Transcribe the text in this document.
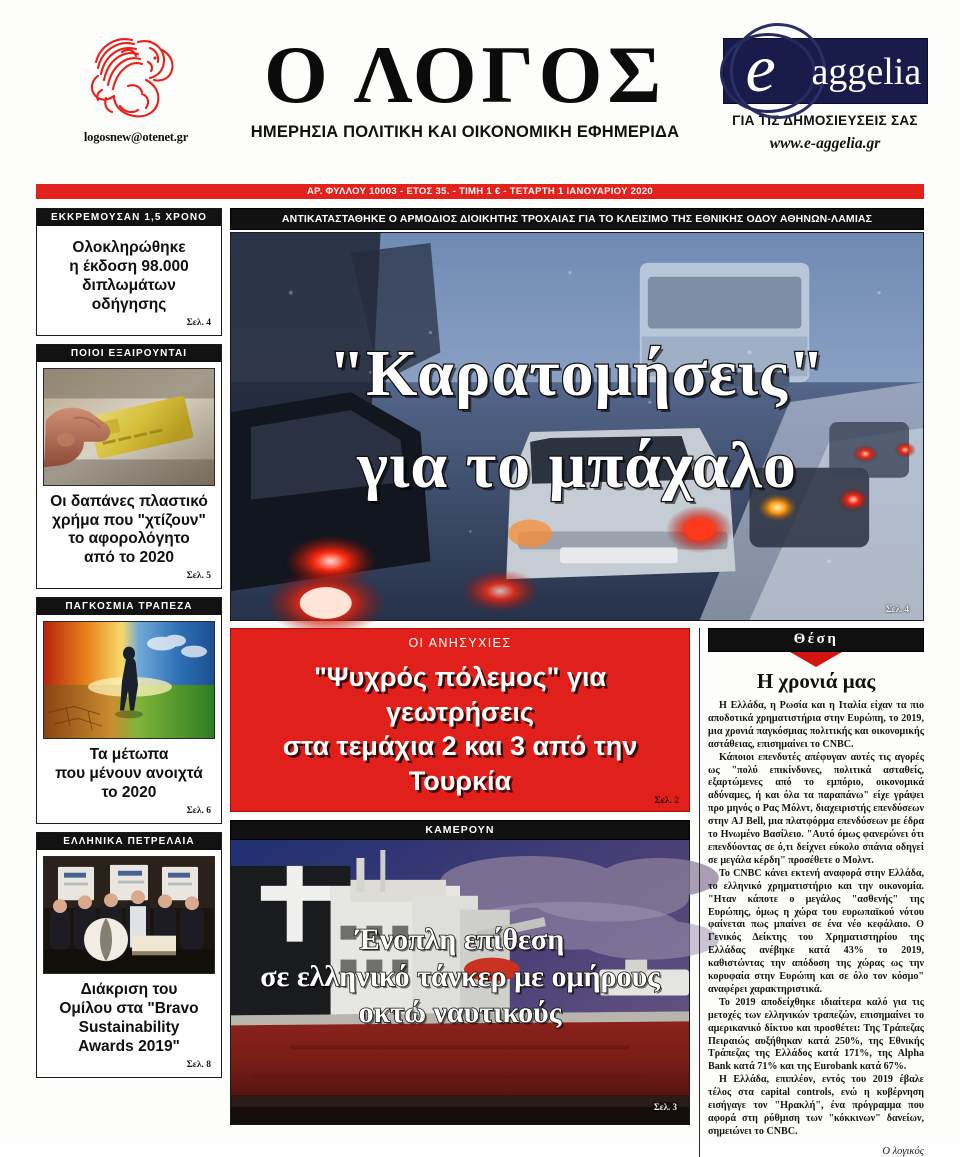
logosnew@otenet.gr
Ο ΛΟΓΟΣ
ΗΜΕΡΗΣΙΑ ΠΟΛΙΤΙΚΗ ΚΑΙ ΟΙΚΟΝΟΜΙΚΗ ΕΦΗΜΕΡΙΔΑ
e aggelia
ΓΙΑ ΤΙΣ ΔΗΜΟΣΙΕΥΣΕΙΣ ΣΑΣ
www.e-aggelia.gr
ΑΡ. ΦΥΛΛΟΥ 10003 - ΕΤΟΣ 35. - ΤΙΜΗ 1 € - ΤΕΤΑΡΤΗ 1 ΙΑΝΟΥΑΡΙΟΥ 2020
ΕΚΚΡΕΜΟΥΣΑΝ 1,5 ΧΡΟΝΟ
Ολοκληρώθηκε
η έκδοση 98.000
διπλωμάτων οδήγησης
Σελ. 4
ΠΟΙΟΙ ΕΞΑΙΡΟΥΝΤΑΙ
Οι δαπάνες πλαστικό
χρήμα που "χτίζουν"
το αφορολόγητο
από το 2020
Σελ. 5
ΠΑΓΚΟΣΜΙΑ ΤΡΑΠΕΖΑ
Τα μέτωπα
που μένουν ανοιχτά
το 2020
Σελ. 6
ΕΛΛΗΝΙΚΑ ΠΕΤΡΕΛΑΙΑ
Διάκριση του
Ομίλου στα "Bravo
Sustainability
Awards 2019"
Σελ. 8
ΑΝΤΙΚΑΤΑΣΤΑΘΗΚΕ Ο ΑΡΜΟΔΙΟΣ ΔΙΟΙΚΗΤΗΣ ΤΡΟΧΑΙΑΣ ΓΙΑ ΤΟ ΚΛΕΙΣΙΜΟ ΤΗΣ ΕΘΝΙΚΗΣ ΟΔΟΥ ΑΘΗΝΩΝ-ΛΑΜΙΑΣ
"Καρατομήσεις"
για το μπάχαλο
Σελ. 4
ΟΙ ΑΝΗΣΥΧΙΕΣ
"Ψυχρός πόλεμος" για γεωτρήσεις
στα τεμάχια 2 και 3 από την Τουρκία
Σελ. 2
ΚΑΜΕΡΟΥΝ
Ένοπλη επίθεση
σε ελληνικό τάνκερ με ομήρους
οκτώ ναυτικούς
Σελ. 3
Θέση
Η χρονιά μας

Η Ελλάδα, η Ρωσία και η Ιταλία είχαν τα πιο αποδοτικά χρηματιστήρια στην Ευρώπη, το 2019, μια χρονιά παγκόσμιας πολιτικής και οικονομικής αστάθειας, επισημαίνει το CNBC.

Κάποιοι επενδυτές απέφυγαν αυτές τις αγορές ως "πολύ επικίνδυνες, πολιτικά ασταθείς, εξαρτώμενες από το εμπόριο, οικονομικά αδύναμες, ή και όλα τα παραπάνω" είχε γράψει προ μηνός ο Ρας Μόλντ, διαχειριστής επενδύσεων στην AJ Bell, μια πλατφόρμα επενδύσεων με έδρα το Ηνωμένο Βασίλειο. "Αυτό όμως φανερώνει ότι επενδύοντας σε ό,τι δείχνει εύκολο σπάνια οδηγεί σε μεγάλα κέρδη" προσέθετε ο Μολντ.

Το CNBC κάνει εκτενή αναφορά στην Ελλάδα, το ελληνικό χρηματιστήριο και την οικονομία. "Ηταν κάποτε ο μεγάλος "ασθενής" της Ευρώπης, όμως η χώρα του ευρωπαϊκού νότου φαίνεται πως μπαίνει σε ένα νέο κεφάλαιο. Ο Γενικός Δείκτης του Χρηματιστηρίου της Ελλάδας ανέβηκε κατά 43% το 2019, καθιστώντας την απόδοση της χώρας ως την κορυφαία στην Ευρώπη και σε όλο τον κόσμο" αναφέρει χαρακτηριστικά.

Το 2019 αποδείχθηκε ιδιαίτερα καλό για τις μετοχές των ελληνικών τραπεζών, επισημαίνει το αμερικανικό δίκτυο και προσθέτει: Της Τράπεζας Πειραιώς αυξήθηκαν κατά 250%, της Εθνικής Τράπεζας της Ελλάδος κατά 171%, της Alpha Bank κατά 71% και της Eurobank κατά 67%.

Η Ελλάδα, επιπλέον, εντός του 2019 έβαλε τέλος στα capital controls, ενώ η κυβέρνηση εισήγαγε τον "Ηρακλή", ένα πρόγραμμα που αφορά στη ρύθμιση των "κόκκινων" δανείων, σημειώνει το CNBC.

Ο λογικός
